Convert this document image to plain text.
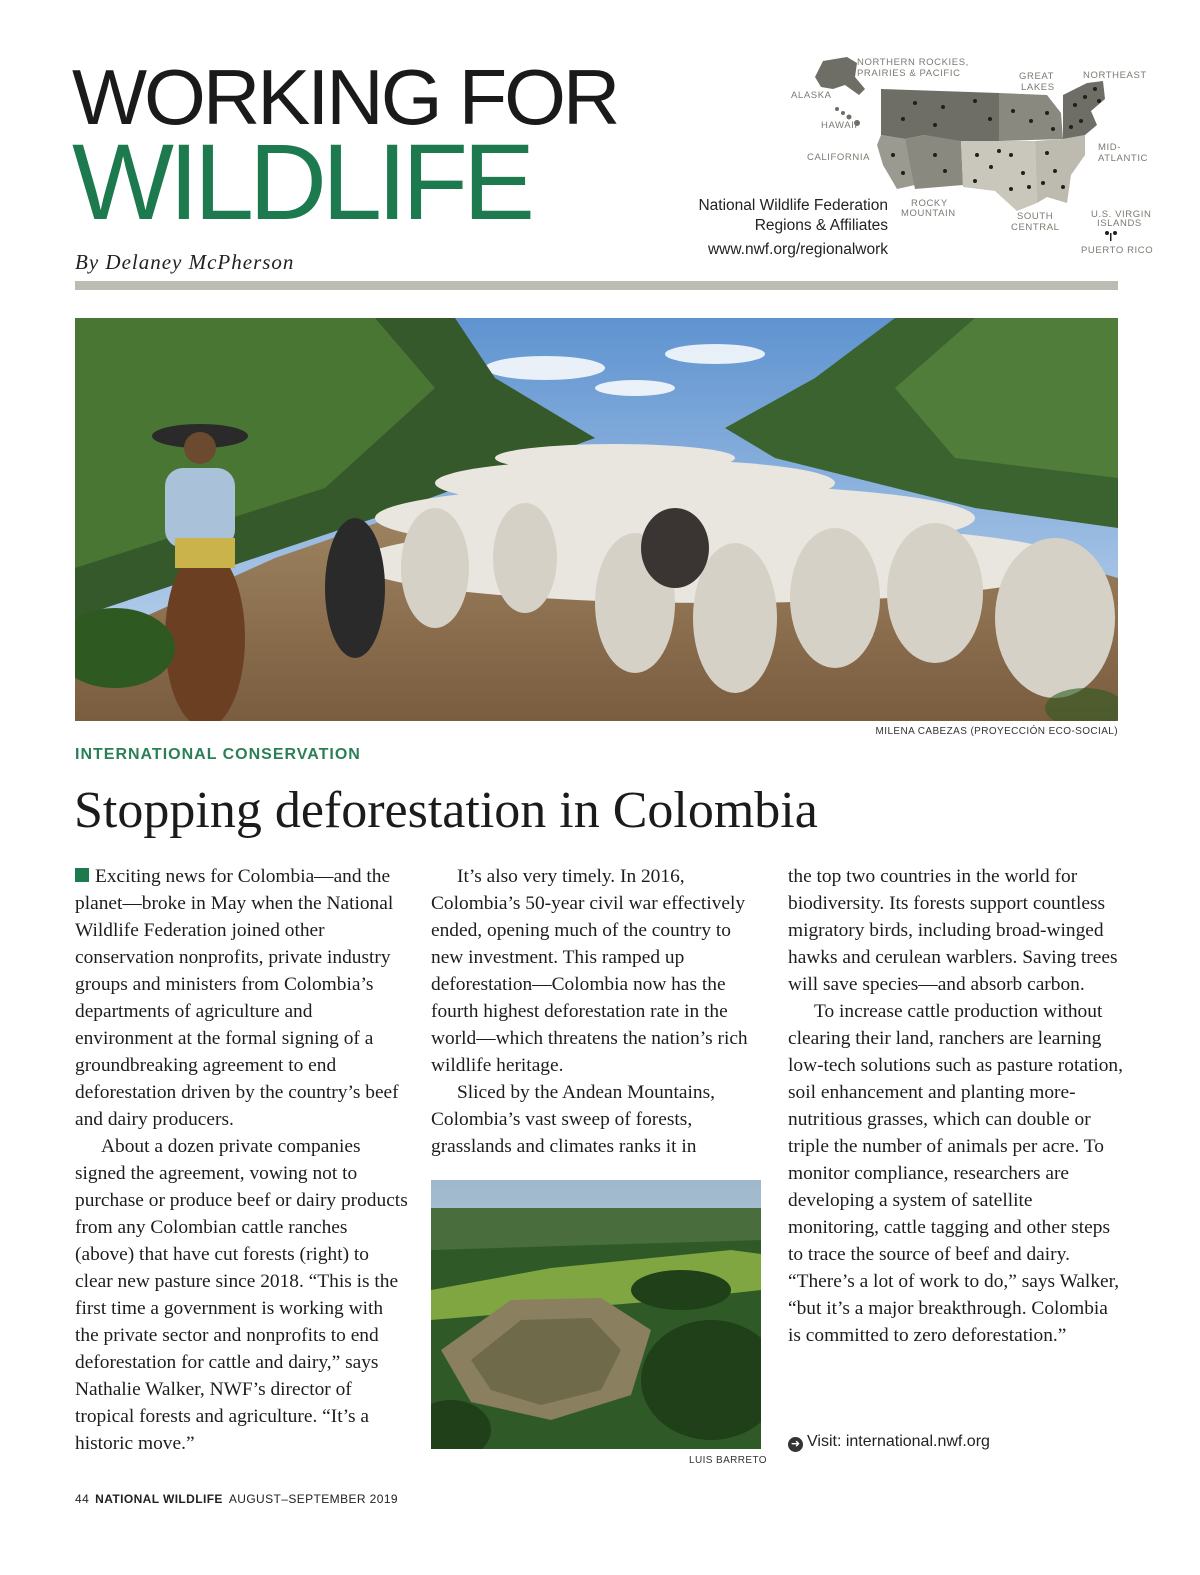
WORKING FOR
WILDLIFE
By Delaney McPherson
National Wildlife Federation
Regions & Affiliates
www.nwf.org/regionalwork
NORTHERN ROCKIES,
PRAIRIES & PACIFIC
ALASKA
HAWAII
CALIFORNIA
GREAT
LAKES
NORTHEAST
MID-
ATLANTIC
ROCKY
MOUNTAIN	SOUTH
CENTRAL
U.S. VIRGIN
ISLANDS
PUERTO RICO
MILENA CABEZAS (PROYECCIÓN ECO-SOCIAL)
INTERNATIONAL CONSERVATION
Stopping deforestation in Colombia

Exciting news for Colombia—and the planet—broke in May when the National Wildlife Federation joined other conservation nonprofits, private industry groups and ministers from Colombia’s departments of agriculture and environment at the formal signing of a groundbreaking agreement to end deforestation driven by the country’s beef and dairy producers.

About a dozen private companies signed the agreement, vowing not to purchase or produce beef or dairy products from any Colombian cattle ranches (above) that have cut forests (right) to clear new pasture since 2018. “This is the first time a government is working with the private sector and nonprofits to end deforestation for cattle and dairy,” says Nathalie Walker, NWF’s director of tropical forests and agriculture. “It’s a historic move.”

It’s also very timely. In 2016, Colombia’s 50-year civil war effectively ended, opening much of the country to new investment. This ramped up deforestation—Colombia now has the fourth highest deforestation rate in the world—which threatens the nation’s rich wildlife heritage.

Sliced by the Andean Mountains, Colombia’s vast sweep of forests, grasslands and climates ranks it in

LUIS BARRETO

the top two countries in the world for biodiversity. Its forests support countless migratory birds, including broad-winged hawks and cerulean warblers. Saving trees will save species—and absorb carbon.

To increase cattle production without clearing their land, ranchers are learning low-tech solutions such as pasture rotation, soil enhancement and planting more-nutritious grasses, which can double or triple the number of animals per acre. To monitor compliance, researchers are developing a system of satellite monitoring, cattle tagging and other steps to trace the source of beef and dairy. “There’s a lot of work to do,” says Walker, “but it’s a major breakthrough. Colombia is committed to zero deforestation.”

➜ Visit: international.nwf.org
44 NATIONAL WILDLIFE AUGUST–SEPTEMBER 2019
